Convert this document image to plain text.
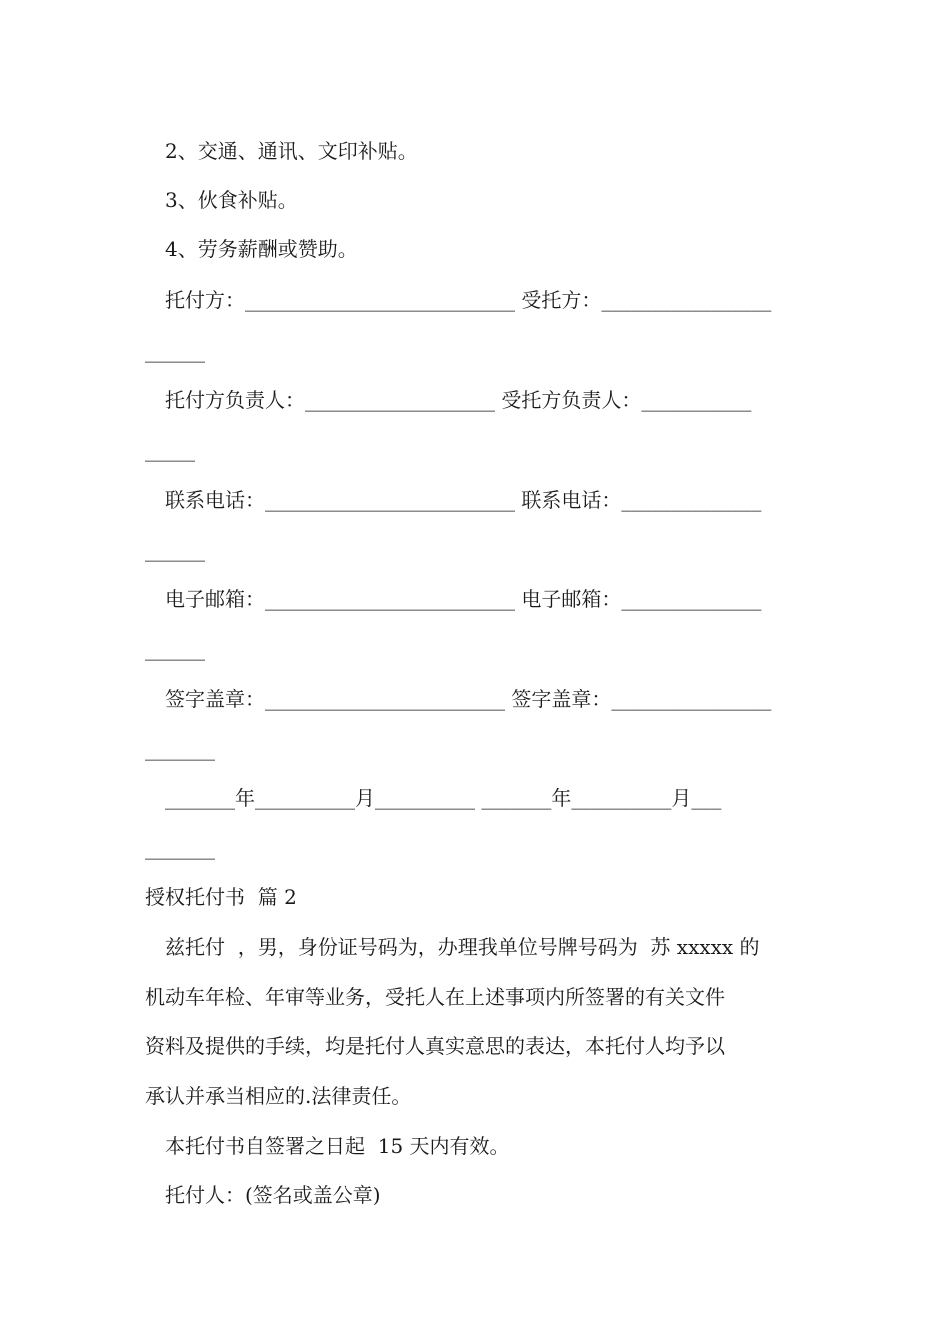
2、交通、通讯、文印补贴。
3、伙食补贴。
4、劳务薪酬或赞助。
托付方：___________________________ 受托方：_________________
______
托付方负责人：___________________ 受托方负责人：___________
_____
联系电话：_________________________ 联系电话：______________
______
电子邮箱：_________________________ 电子邮箱：______________
______
签字盖章：________________________ 签字盖章：________________
_______
_______年__________月__________ _______年__________月___
_______
授权托付书  篇 2
兹托付  ，男，身份证号码为，办理我单位号牌号码为  苏 xxxxx 的
机动车年检、年审等业务，受托人在上述事项内所签署的有关文件
资料及提供的手续，均是托付人真实意思的表达，本托付人均予以
承认并承当相应的.法律责任。
本托付书自签署之日起  15 天内有效。
托付人：(签名或盖公章)
